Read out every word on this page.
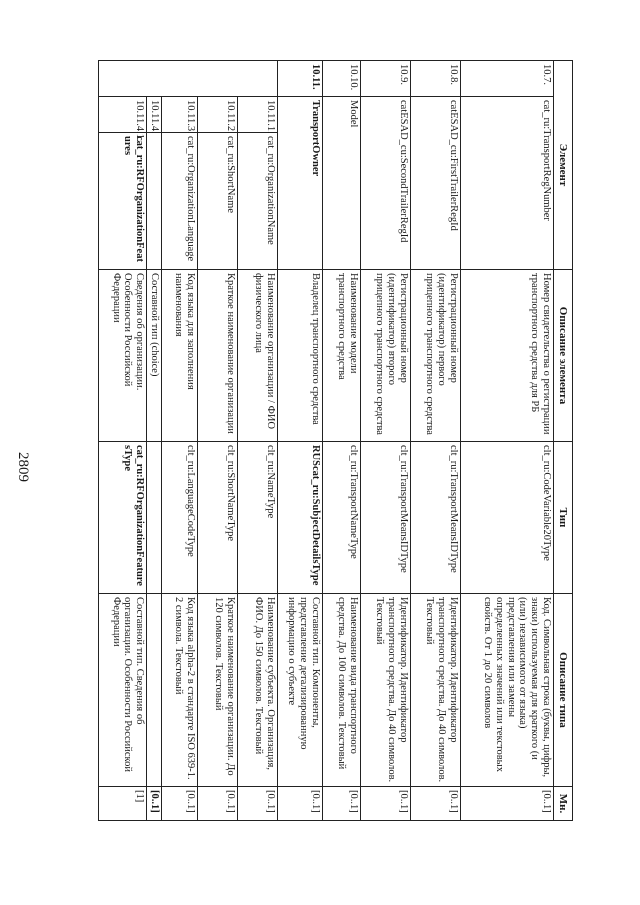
2809
Элемент			Описание элемента	Тип	Описание типа	Мн.
10.7.	cat_ru:TransportRegNumber		Номер свидетельства о регистрации транспортного средства для РБ	clt_ru:CodeVariable20Type	Код. Символьная строка (буквы, цифры, знаки) используемая для краткого (и (или) независимого от языка) представления или замены определенных значений или текстовых свойств. От 1 до 20 символов	[0..1]
10.8.	catESAD_cu:FirstTrailerRegId		Регистрационный номер (идентификатор) первого прицепного транспортного средства	clt_ru:TransportMeansIDType	Идентификатор. Идентификатор транспортного средства. До 40 символов. Текстовый	[0..1]
10.9.	catESAD_cu:SecondTrailerRegId		Регистрационный номер (идентификатор) второго прицепного транспортного средства	clt_ru:TransportMeansIDType	Идентификатор. Идентификатор транспортного средства. До 40 символов. Текстовый	[0..1]
10.10.	Model		Наименование модели транспортного средства	clt_ru:TransportNameType	Наименование вида транспортного средства. До 100 символов. Текстовый	[0..1]
10.11.	TransportOwner		Владелец транспортного средства	RUScat_ru:SubjectDetailsType	Составной тип. Компоненты, представление детализированную информацию о субъекте	[0..1]
	10.11.1.	cat_ru:OrganizationName	Наименование организации / ФИО физического лица	clt_ru:NameType	Наименование субъекта. Организация, ФИО. До 150 символов. Текстовый	[0..1]
	10.11.2.	cat_ru:ShortName	Краткое наименование организации	clt_ru:ShortNameType	Краткое наименование организации. До 120 символов. Текстовый	[0..1]
	10.11.3.	cat_ru:OrganizationLanguage	Код языка для заполнения наименования	clt_ru:LanguageCodeType	Код языка alpha-2 в стандарте ISO 639-1. 2 символа. Текстовый	[0..1]
	10.11.4.		Составной тип (choice)			[0..1]
	10.11.4.1.	cat_ru:RFOrganizationFeatures	Сведения об организации. Особенности Российской Федерации	cat_ru:RFOrganizationFeaturesType	Составной тип. Сведения об организации. Особенности Российской Федерации	[1]
